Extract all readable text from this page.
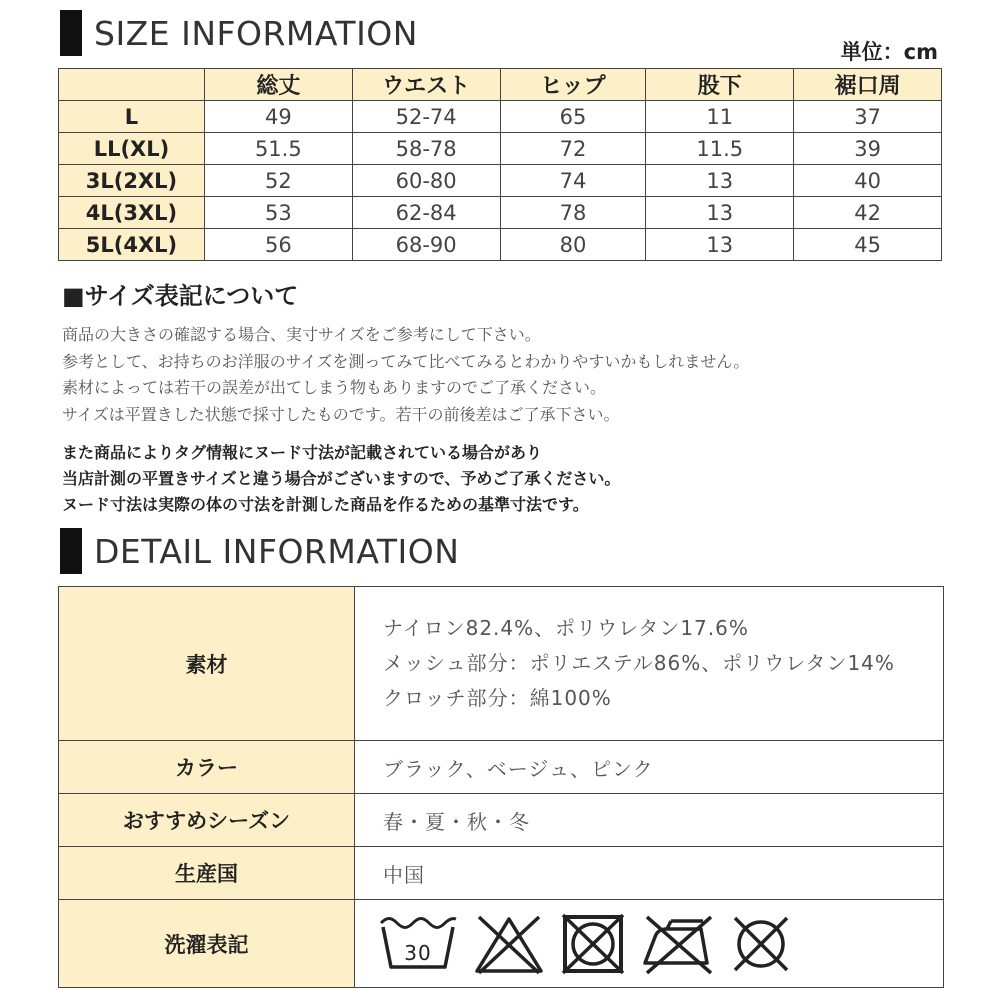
SIZE INFORMATION	単位：cm
	総丈	ウエスト	ヒップ	股下	裾口周
L	49	52-74	65	11	37
LL(XL)	51.5	58-78	72	11.5	39
3L(2XL)	52	60-80	74	13	40
4L(3XL)	53	62-84	78	13	42
5L(4XL)	56	68-90	80	13	45
■サイズ表記について
商品の大きさの確認する場合、実寸サイズをご参考にして下さい。
参考として、お持ちのお洋服のサイズを測ってみて比べてみるとわかりやすいかもしれません。
素材によっては若干の誤差が出てしまう物もありますのでご了承ください。
サイズは平置きした状態で採寸したものです。若干の前後差はご了承下さい。
また商品によりタグ情報にヌード寸法が記載されている場合があり
当店計測の平置きサイズと違う場合がございますので、予めご了承ください。
ヌード寸法は実際の体の寸法を計測した商品を作るための基準寸法です。
DETAIL INFORMATION
素材	ナイロン82.4%、ポリウレタン17.6%
メッシュ部分：ポリエステル86%、ポリウレタン14%
クロッチ部分：綿100%

カラー	ブラック、ベージュ、ピンク
おすすめシーズン	春・夏・秋・冬
生産国	中国
洗濯表記	30
